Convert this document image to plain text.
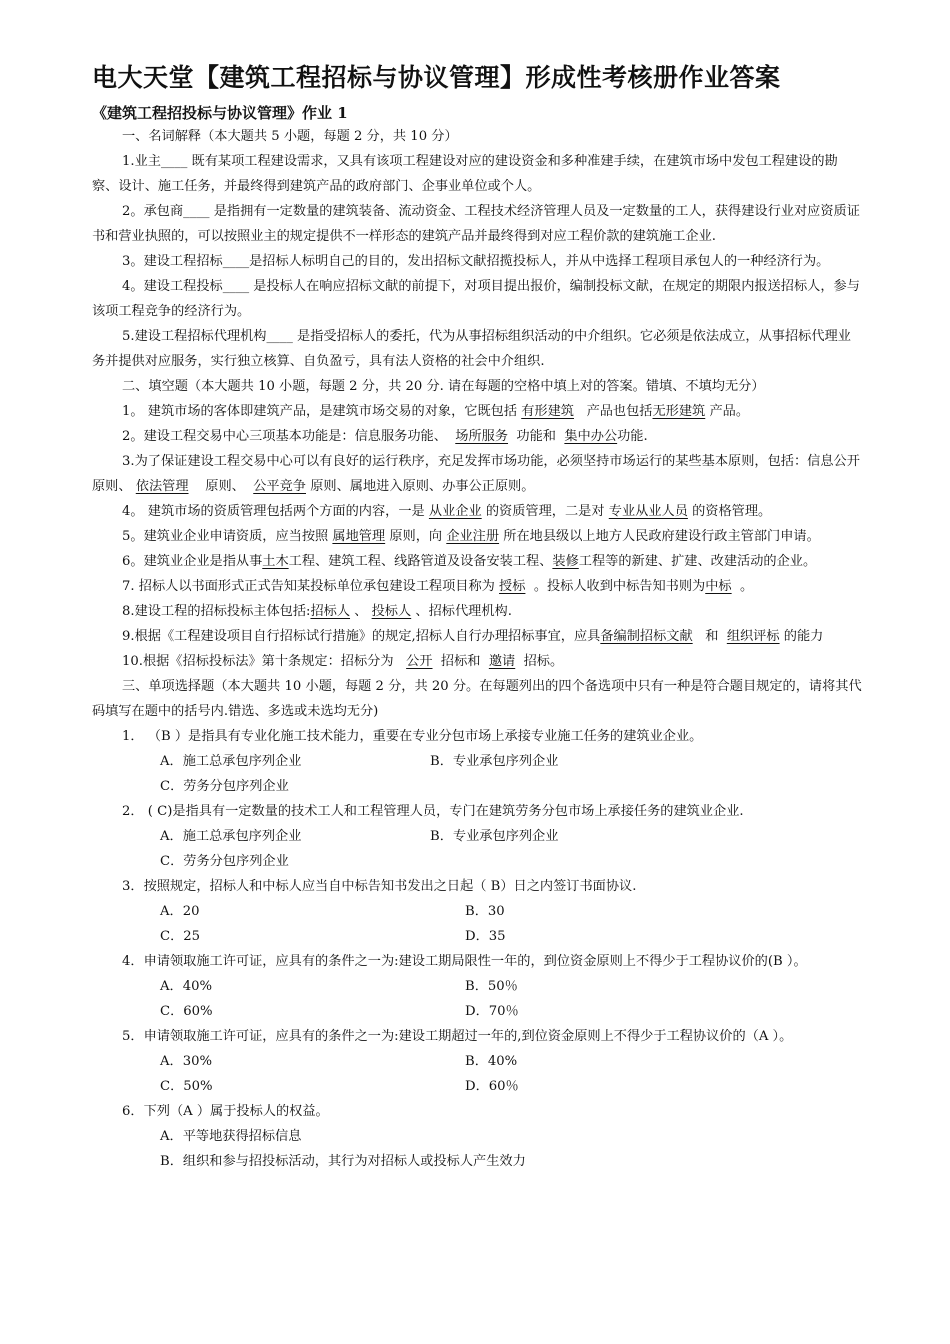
电大天堂【建筑工程招标与协议管理】形成性考核册作业答案
《建筑工程招投标与协议管理》作业 1

一、名词解释（本大题共 5 小题，每题 2 分，共 10 分）

1.业主____ 既有某项工程建设需求，又具有该项工程建设对应的建设资金和多种准建手续，在建筑市场中发包工程建设的勘察、设计、施工任务，并最终得到建筑产品的政府部门、企事业单位或个人。

2。承包商____ 是指拥有一定数量的建筑装备、流动资金、工程技术经济管理人员及一定数量的工人，获得建设行业对应资质证书和营业执照的，可以按照业主的规定提供不一样形态的建筑产品并最终得到对应工程价款的建筑施工企业.

3。建设工程招标____是招标人标明自己的目的，发出招标文献招揽投标人，并从中选择工程项目承包人的一种经济行为。

4。建设工程投标____ 是投标人在响应招标文献的前提下，对项目提出报价，编制投标文献，在规定的期限内报送招标人，参与该项工程竞争的经济行为。

5.建设工程招标代理机构____ 是指受招标人的委托，代为从事招标组织活动的中介组织。它必须是依法成立，从事招标代理业务并提供对应服务，实行独立核算、自负盈亏，具有法人资格的社会中介组织.

二、填空题（本大题共 10 小题，每题 2 分，共 20 分. 请在每题的空格中填上对的答案。错填、不填均无分）

1。 建筑市场的客体即建筑产品，是建筑市场交易的对象，它既包括 有形建筑 产品也包括无形建筑 产品。

2。建设工程交易中心三项基本功能是：信息服务功能、 场所服务 功能和 集中办公功能.

3.为了保证建设工程交易中心可以有良好的运行秩序，充足发挥市场功能，必须坚持市场运行的某些基本原则，包括：信息公开原则、 依法管理 原则、 公平竞争 原则、属地进入原则、办事公正原则。

4。 建筑市场的资质管理包括两个方面的内容，一是 从业企业 的资质管理，二是对 专业从业人员 的资格管理。

5。建筑业企业申请资质，应当按照 属地管理 原则，向 企业注册 所在地县级以上地方人民政府建设行政主管部门申请。

6。建筑业企业是指从事土木工程、建筑工程、线路管道及设备安装工程、装修工程等的新建、扩建、改建活动的企业。

7. 招标人以书面形式正式告知某投标单位承包建设工程项目称为 授标 。投标人收到中标告知书则为中标 。

8.建设工程的招标投标主体包括:招标人 、 投标人 、招标代理机构.

9.根据《工程建设项目自行招标试行措施》的规定,招标人自行办理招标事宜，应具备编制招标文献 和 组织评标 的能力

10.根据《招标投标法》第十条规定：招标分为 公开 招标和 邀请 招标。

三、单项选择题（本大题共 10 小题，每题 2 分，共 20 分。在每题列出的四个备选项中只有一种是符合题目规定的，请将其代码填写在题中的括号内.错选、多选或未选均无分)

1． （B ）是指具有专业化施工技术能力，重要在专业分包市场上承接专业施工任务的建筑业企业。

A．施工总承包序列企业	B．专业承包序列企业
C．劳务分包序列企业

2． ( C)是指具有一定数量的技术工人和工程管理人员，专门在建筑劳务分包市场上承接任务的建筑业企业.

A．施工总承包序列企业	B．专业承包序列企业
C．劳务分包序列企业

3．按照规定，招标人和中标人应当自中标告知书发出之日起（ B）日之内签订书面协议.

A．20	B．30
C．25	D．35

4．申请领取施工许可证，应具有的条件之一为:建设工期局限性一年的，到位资金原则上不得少于工程协议价的(B ）。

A．40%	B．50％
C．60%	D．70％

5．申请领取施工许可证，应具有的条件之一为:建设工期超过一年的,到位资金原则上不得少于工程协议价的（A ）。

A．30%	B．40%
C．50%	D．60％

6．下列（A ）属于投标人的权益。

A．平等地获得招标信息
B．组织和参与招投标活动，其行为对招标人或投标人产生效力
